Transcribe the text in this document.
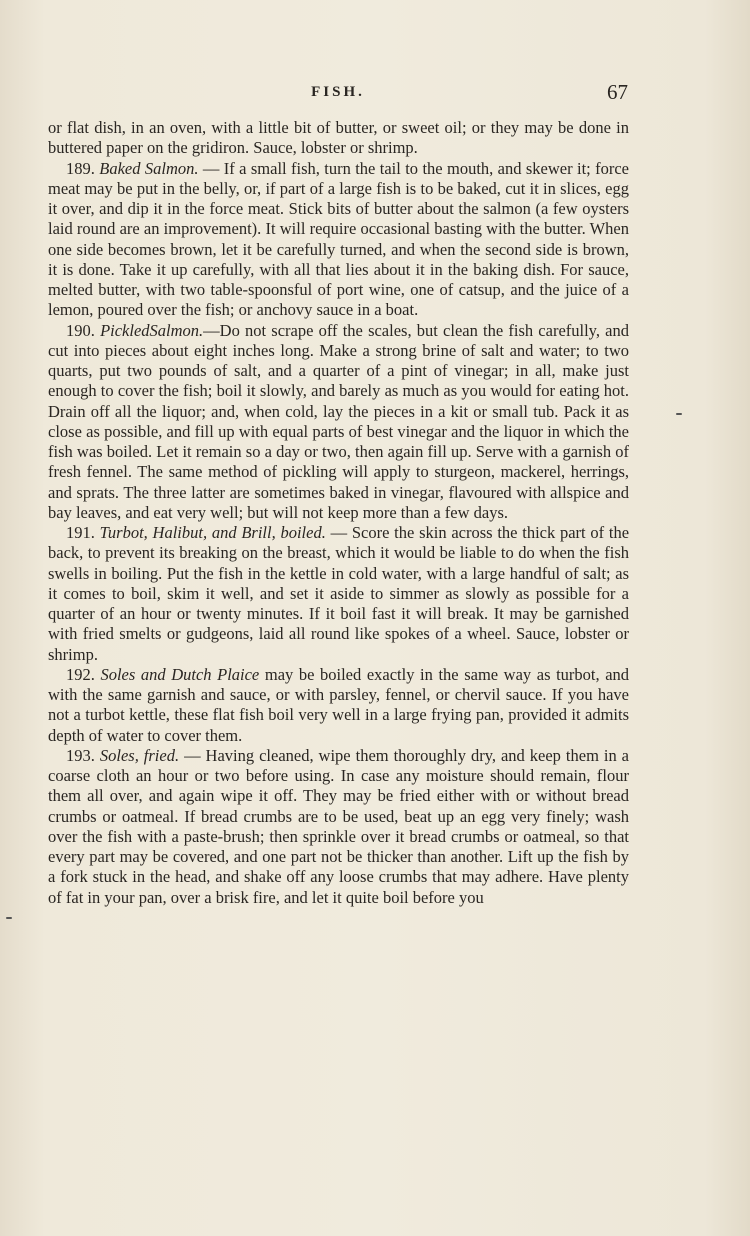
FISH.	67

or flat dish, in an oven, with a little bit of butter, or sweet oil; or they may be done in buttered paper on the gridiron. Sauce, lobster or shrimp.

189. Baked Salmon. — If a small fish, turn the tail to the mouth, and skewer it; force meat may be put in the belly, or, if part of a large fish is to be baked, cut it in slices, egg it over, and dip it in the force meat. Stick bits of butter about the salmon (a few oysters laid round are an improvement). It will require occasional basting with the butter. When one side becomes brown, let it be carefully turned, and when the second side is brown, it is done. Take it up carefully, with all that lies about it in the baking dish. For sauce, melted butter, with two table-spoonsful of port wine, one of catsup, and the juice of a lemon, poured over the fish; or anchovy sauce in a boat.

190. PickledSalmon.—Do not scrape off the scales, but clean the fish carefully, and cut into pieces about eight inches long. Make a strong brine of salt and water; to two quarts, put two pounds of salt, and a quarter of a pint of vinegar; in all, make just enough to cover the fish; boil it slowly, and barely as much as you would for eating hot. Drain off all the liquor; and, when cold, lay the pieces in a kit or small tub. Pack it as close as possible, and fill up with equal parts of best vinegar and the liquor in which the fish was boiled. Let it remain so a day or two, then again fill up. Serve with a garnish of fresh fennel. The same method of pickling will apply to sturgeon, mackerel, herrings, and sprats. The three latter are sometimes baked in vinegar, flavoured with allspice and bay leaves, and eat very well; but will not keep more than a few days.

191. Turbot, Halibut, and Brill, boiled. — Score the skin across the thick part of the back, to prevent its breaking on the breast, which it would be liable to do when the fish swells in boiling. Put the fish in the kettle in cold water, with a large handful of salt; as it comes to boil, skim it well, and set it aside to simmer as slowly as possible for a quarter of an hour or twenty minutes. If it boil fast it will break. It may be garnished with fried smelts or gudgeons, laid all round like spokes of a wheel. Sauce, lobster or shrimp.

192. Soles and Dutch Plaice may be boiled exactly in the same way as turbot, and with the same garnish and sauce, or with parsley, fennel, or chervil sauce. If you have not a turbot kettle, these flat fish boil very well in a large frying pan, provided it admits depth of water to cover them.

193. Soles, fried. — Having cleaned, wipe them thoroughly dry, and keep them in a coarse cloth an hour or two before using. In case any moisture should remain, flour them all over, and again wipe it off. They may be fried either with or without bread crumbs or oatmeal. If bread crumbs are to be used, beat up an egg very finely; wash over the fish with a paste-brush; then sprinkle over it bread crumbs or oatmeal, so that every part may be covered, and one part not be thicker than another. Lift up the fish by a fork stuck in the head, and shake off any loose crumbs that may adhere. Have plenty of fat in your pan, over a brisk fire, and let it quite boil before you
